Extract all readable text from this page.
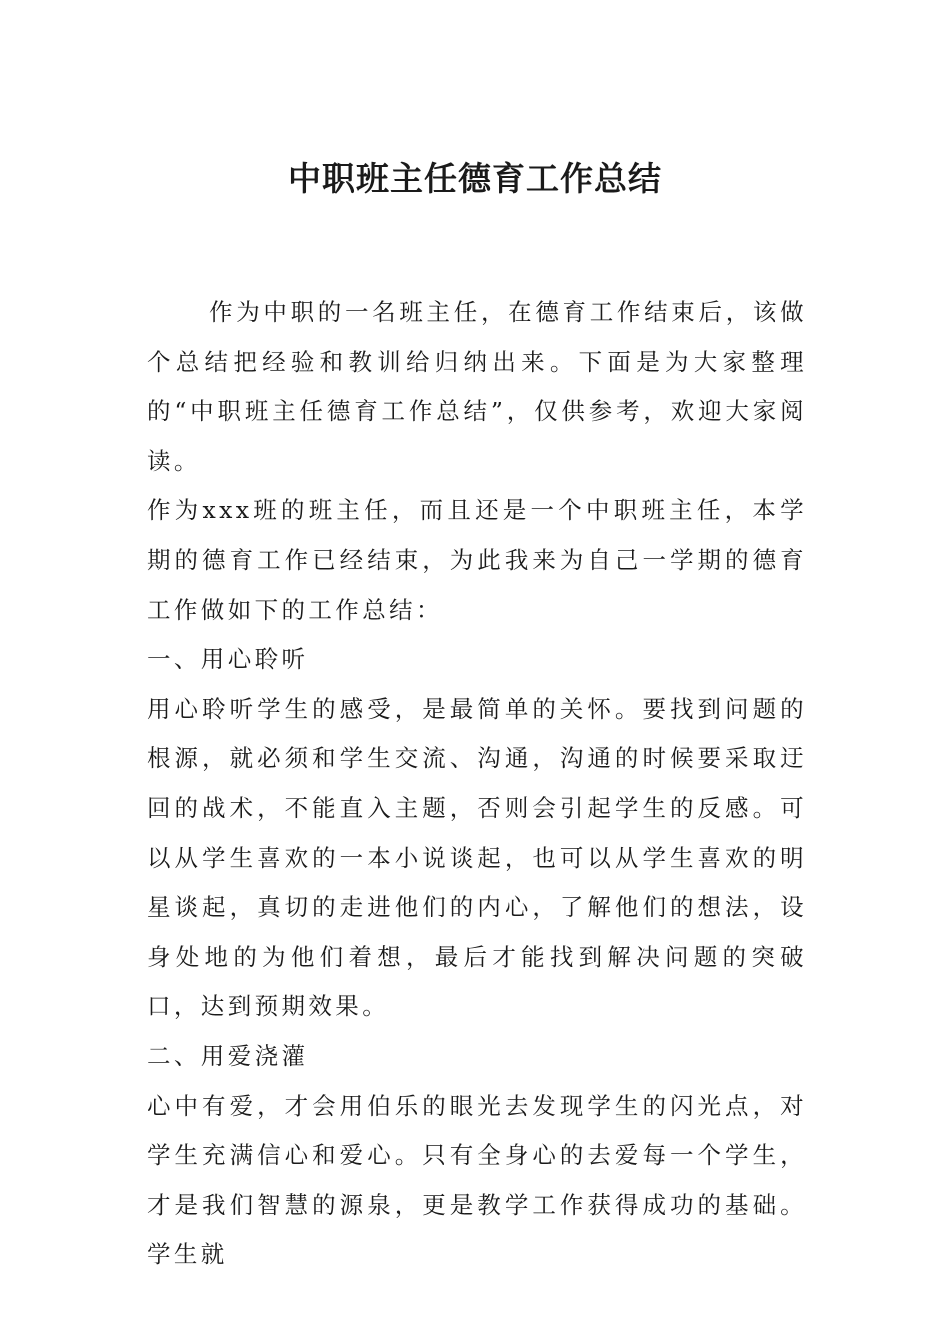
中职班主任德育工作总结

作为中职的一名班主任，在德育工作结束后，该做个总结把经验和教训给归纳出来。下面是为大家整理的“中职班主任德育工作总结”，仅供参考，欢迎大家阅读。

作为xxx班的班主任，而且还是一个中职班主任，本学期的德育工作已经结束，为此我来为自己一学期的德育工作做如下的工作总结：

一、用心聆听

用心聆听学生的感受，是最简单的关怀。要找到问题的根源，就必须和学生交流、沟通，沟通的时候要采取迂回的战术，不能直入主题，否则会引起学生的反感。可以从学生喜欢的一本小说谈起，也可以从学生喜欢的明星谈起，真切的走进他们的内心，了解他们的想法，设身处地的为他们着想，最后才能找到解决问题的突破口，达到预期效果。

二、用爱浇灌

心中有爱，才会用伯乐的眼光去发现学生的闪光点，对学生充满信心和爱心。只有全身心的去爱每一个学生，才是我们智慧的源泉，更是教学工作获得成功的基础。学生就
